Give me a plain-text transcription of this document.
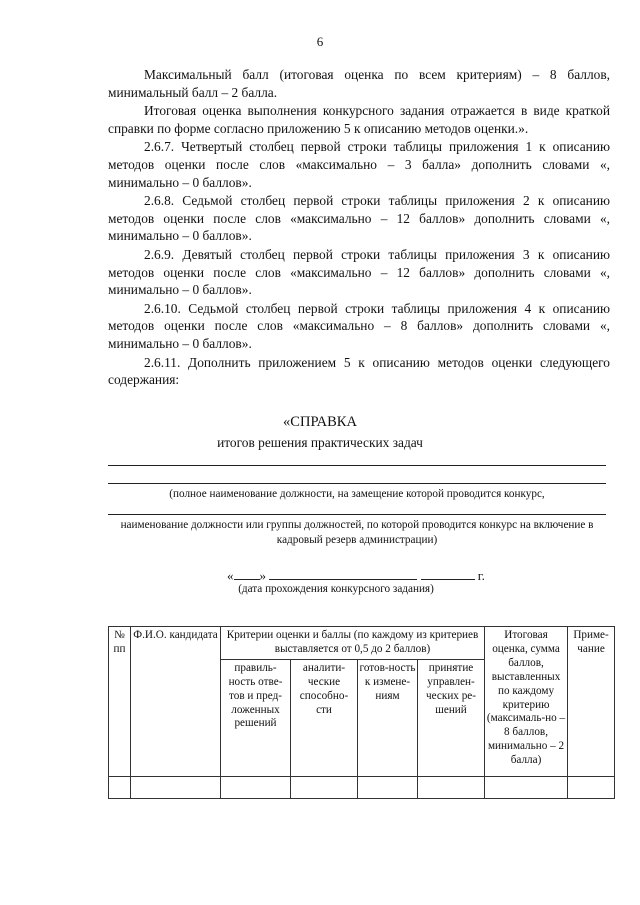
6

Максимальный балл (итоговая оценка по всем критериям) – 8 баллов, минимальный балл – 2 балла.

Итоговая оценка выполнения конкурсного задания отражается в виде краткой справки по форме согласно приложению 5 к описанию методов оценки.».

2.6.7. Четвертый столбец первой строки таблицы приложения 1 к описанию методов оценки после слов «максимально – 3 балла» дополнить словами «, минимально – 0 баллов».

2.6.8. Седьмой столбец первой строки таблицы приложения 2 к описанию методов оценки после слов «максимально – 12 баллов» дополнить словами «, минимально – 0 баллов».

2.6.9. Девятый столбец первой строки таблицы приложения 3 к описанию методов оценки после слов «максимально – 12 баллов» дополнить словами «, минимально – 0 баллов».

2.6.10. Седьмой столбец первой строки таблицы приложения 4 к описанию методов оценки после слов «максимально – 8 баллов» дополнить словами «, минимально – 0 баллов».

2.6.11. Дополнить приложением 5 к описанию методов оценки следующего содержания:

«СПРАВКА
итогов решения практических задач
(полное наименование должности, на замещение которой проводится конкурс,
наименование должности или группы должностей, по которой проводится конкурс на включение в кадровый резерв администрации)
« »	г.
(дата прохождения конкурсного задания)
№ пп	Ф.И.О. кандидата	Критерии оценки и баллы (по каждому из критериев выставляется от 0,5 до 2 баллов)				Итоговая оценка, сумма баллов, выставленных по каждому критерию (максималь-но – 8 баллов, минимально – 2 балла)	Приме-чание
		правиль-ность отве-тов и пред-ложенных решений	аналити-ческие способно-сти	готов-ность к измене-ниям	принятие управлен-ческих ре-шений		
